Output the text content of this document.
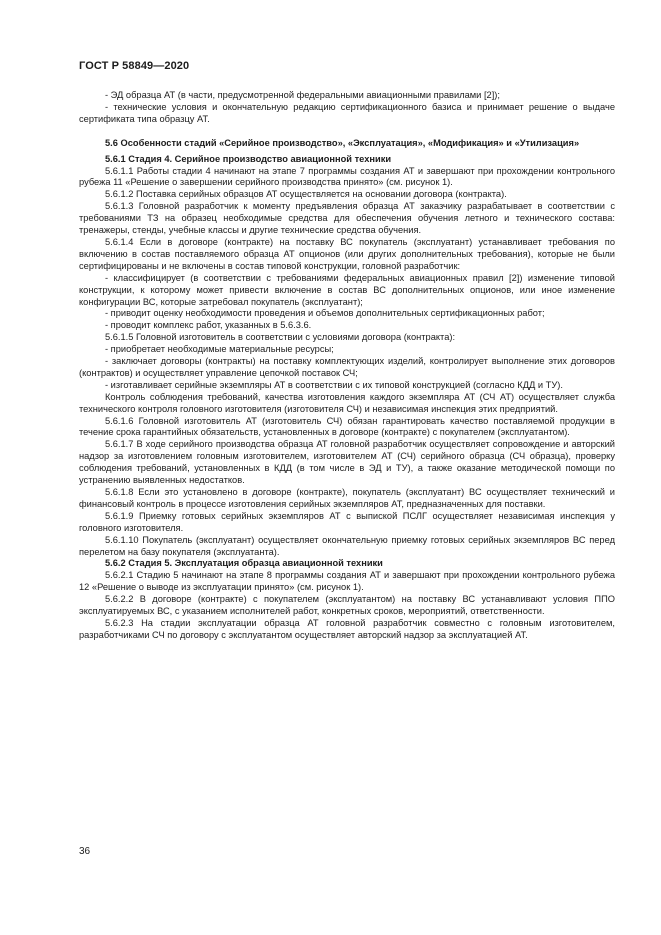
ГОСТ Р 58849—2020

- ЭД образца АТ (в части, предусмотренной федеральными авиационными правилами [2]);

- технические условия и окончательную редакцию сертификационного базиса и принимает решение о выдаче сертификата типа образцу АТ.

5.6 Особенности стадий «Серийное производство», «Эксплуатация», «Модификация» и «Утилизация»

5.6.1 Стадия 4. Серийное производство авиационной техники

5.6.1.1 Работы стадии 4 начинают на этапе 7 программы создания АТ и завершают при прохождении контрольного рубежа 11 «Решение о завершении серийного производства принято» (см. рисунок 1).

5.6.1.2 Поставка серийных образцов АТ осуществляется на основании договора (контракта).

5.6.1.3 Головной разработчик к моменту предъявления образца АТ заказчику разрабатывает в соответствии с требованиями ТЗ на образец необходимые средства для обеспечения обучения летного и технического состава: тренажеры, стенды, учебные классы и другие технические средства обучения.

5.6.1.4 Если в договоре (контракте) на поставку ВС покупатель (эксплуатант) устанавливает требования по включению в состав поставляемого образца АТ опционов (или других дополнительных требования), которые не были сертифицированы и не включены в состав типовой конструкции, головной разработчик:

- классифицирует (в соответствии с требованиями федеральных авиационных правил [2]) изменение типовой конструкции, к которому может привести включение в состав ВС дополнительных опционов, или иное изменение конфигурации ВС, которые затребовал покупатель (эксплуатант);

- приводит оценку необходимости проведения и объемов дополнительных сертификационных работ;

- проводит комплекс работ, указанных в 5.6.3.6.

5.6.1.5 Головной изготовитель в соответствии с условиями договора (контракта):

- приобретает необходимые материальные ресурсы;

- заключает договоры (контракты) на поставку комплектующих изделий, контролирует выполнение этих договоров (контрактов) и осуществляет управление цепочкой поставок СЧ;

- изготавливает серийные экземпляры АТ в соответствии с их типовой конструкцией (согласно КДД и ТУ).

Контроль соблюдения требований, качества изготовления каждого экземпляра АТ (СЧ АТ) осуществляет служба технического контроля головного изготовителя (изготовителя СЧ) и независимая инспекция этих предприятий.

5.6.1.6 Головной изготовитель АТ (изготовитель СЧ) обязан гарантировать качество поставляемой продукции в течение срока гарантийных обязательств, установленных в договоре (контракте) с покупателем (эксплуатантом).

5.6.1.7 В ходе серийного производства образца АТ головной разработчик осуществляет сопровождение и авторский надзор за изготовлением головным изготовителем, изготовителем АТ (СЧ) серийного образца (СЧ образца), проверку соблюдения требований, установленных в КДД (в том числе в ЭД и ТУ), а также оказание методической помощи по устранению выявленных недостатков.

5.6.1.8 Если это установлено в договоре (контракте), покупатель (эксплуатант) ВС осуществляет технический и финансовый контроль в процессе изготовления серийных экземпляров АТ, предназначенных для поставки.

5.6.1.9 Приемку готовых серийных экземпляров АТ с выпиской ПСЛГ осуществляет независимая инспекция у головного изготовителя.

5.6.1.10 Покупатель (эксплуатант) осуществляет окончательную приемку готовых серийных экземпляров ВС перед перелетом на базу покупателя (эксплуатанта).

5.6.2 Стадия 5. Эксплуатация образца авиационной техники

5.6.2.1 Стадию 5 начинают на этапе 8 программы создания АТ и завершают при прохождении контрольного рубежа 12 «Решение о выводе из эксплуатации принято» (см. рисунок 1).

5.6.2.2 В договоре (контракте) с покупателем (эксплуатантом) на поставку ВС устанавливают условия ППО эксплуатируемых ВС, с указанием исполнителей работ, конкретных сроков, мероприятий, ответственности.

5.6.2.3 На стадии эксплуатации образца АТ головной разработчик совместно с головным изготовителем, разработчиками СЧ по договору с эксплуатантом осуществляет авторский надзор за эксплуатацией АТ.

36
